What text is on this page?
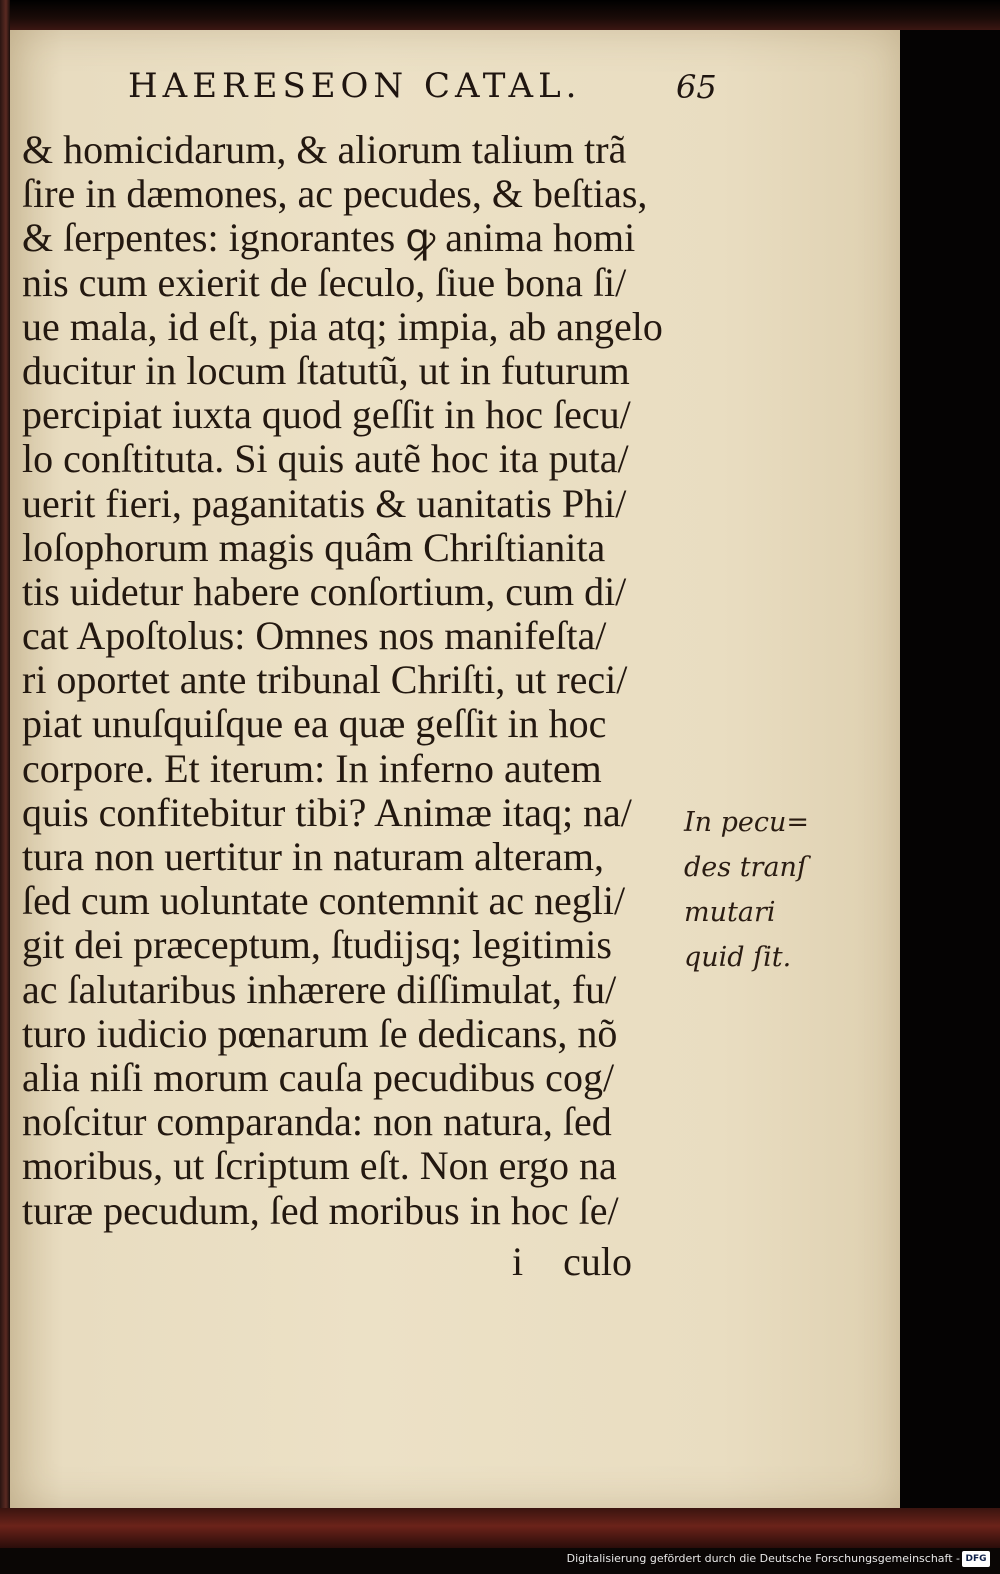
HAERESEON CATAL.	65
& homicidarum, & aliorum talium trã
ſire in dæmones, ac pecudes, & beſtias,
& ſerpentes: ignorantes ꝙ anima homi
nis cum exierit de ſeculo, ſiue bona ſi/
ue mala, id eſt, pia atq; impia, ab angelo
ducitur in locum ſtatutũ, ut in futurum
percipiat iuxta quod geſſit in hoc ſecu/
lo conſtituta. Si quis autẽ hoc ita puta/
uerit fieri, paganitatis & uanitatis Phi/
loſophorum magis quâm Chriſtianita
tis uidetur habere conſortium, cum di/
cat Apoſtolus: Omnes nos manifeſta/
ri oportet ante tribunal Chriſti, ut reci/
piat unuſquiſque ea quæ geſſit in hoc
corpore. Et iterum: In inferno autem
quis confitebitur tibi? Animæ itaq; na/
tura non uertitur in naturam alteram,
ſed cum uoluntate contemnit ac negli/
git dei præceptum, ſtudijsq; legitimis
ac ſalutaribus inhærere diſſimulat, fu/
turo iudicio pœnarum ſe dedicans, nõ
alia niſi morum cauſa pecudibus cog/
noſcitur comparanda: non natura, ſed
moribus, ut ſcriptum eſt. Non ergo na
turæ pecudum, ſed moribus in hoc ſe/
i    culo
In pecu=
des tranſ
mutari
quid ſit.
Digitalisierung gefördert durch die Deutsche Forschungsgemeinschaft - DFG
